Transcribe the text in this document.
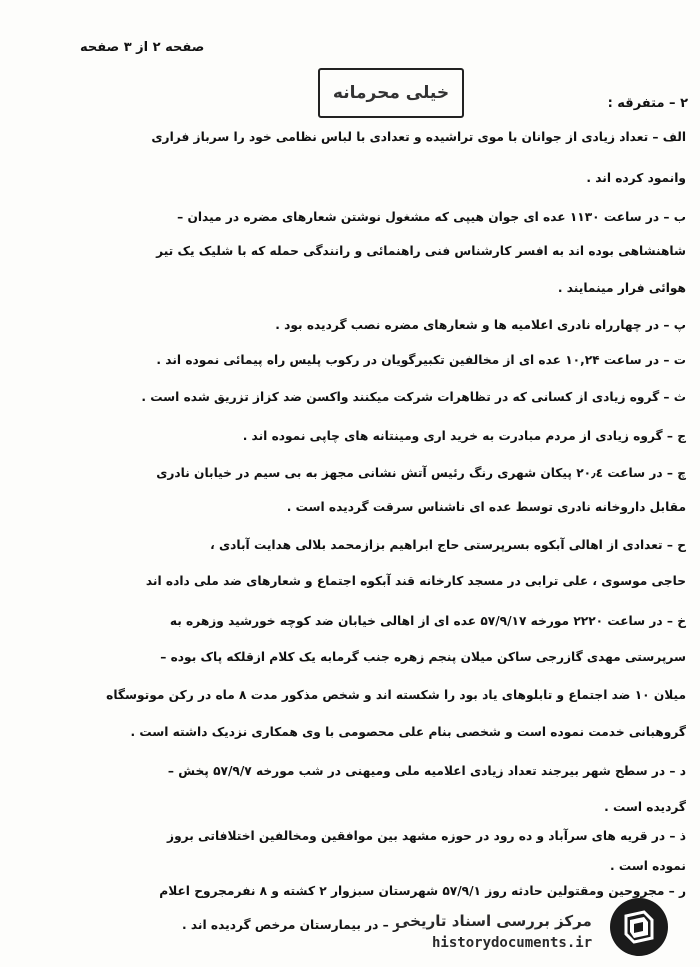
صفحه ۲ از ۳ صفحه
خیلی محرمانه
۲ – متفرقه :
الف – تعداد زیادی از جوانان با موی تراشیده و تعدادی با لباس نظامی خود را سرباز فراری
وانمود کرده اند .
ب – در ساعت ۱۱۳۰ عده ای جوان هیپی که مشغول نوشتن شعارهای مضره در میدان –
شاهنشاهی بوده اند به افسر کارشناس فنی راهنمائی و رانندگی حمله که با شلیک یک تیر
هوائی فرار مینمایند .
پ – در چهارراه نادری اعلامیه ها و شعارهای مضره نصب گردیده بود .
ت – در ساعت ۱۰,۲۴ عده ای از مخالفین تکبیرگویان در رکوب پلیس راه پیمائی نموده اند .
ث – گروه زیادی از کسانی که در تظاهرات شرکت میکنند واکسن ضد کزاز تزریق شده است .
ج – گروه زیادی از مردم مبادرت به خرید اری ومینتانه های چاپی نموده اند .
چ – در ساعت ۲۰٫٤ پیکان شهری رنگ رئیس آتش نشانی مجهز به بی سیم در خیابان نادری
مقابل داروخانه نادری توسط عده ای ناشناس سرقت گردیده است .
ح – تعدادی از اهالی آبکوه بسرپرستی حاج ابراهیم بزازمحمد بلالی هدایت آبادی ،
حاجی موسوی ، علی ترابی در مسجد کارخانه قند آبکوه اجتماع و شعارهای ضد ملی داده اند
خ – در ساعت ۲۲۲۰ مورخه ۵۷/۹/۱۷ عده ای از اهالی خیابان ضد کوچه خورشید وزهره به
سرپرستی مهدی گازرجی ساکن میلان پنجم زهره جنب گرمابه یک کلام ازقلکه پاک بوده –
میلان ۱۰ ضد اجتماع و تابلوهای یاد بود را شکسته اند و شخص مذکور مدت ۸ ماه در رکن موتوسگاه
گروهبانی خدمت نموده است و شخصی بنام علی محصومی با وی همکاری نزدیک داشته است .
د – در سطح شهر بیرجند تعداد زیادی اعلامیه ملی ومیهنی در شب مورخه ۵۷/۹/۷ پخش –
گردیده است .
ذ – در قریه های سرآباد و ده رود در حوزه مشهد بین موافقین ومخالفین اختلافاتی بروز
نموده است .
ر – مجروحین ومقتولین حادثه روز ۵۷/۹/۱ شهرستان سبزوار ۲ کشته و ۸ نفرمجروح اعلام
ز – در بیمارستان مرخص گردیده اند .
مرکز بررسی اسناد تاریخی
historydocuments.ir
